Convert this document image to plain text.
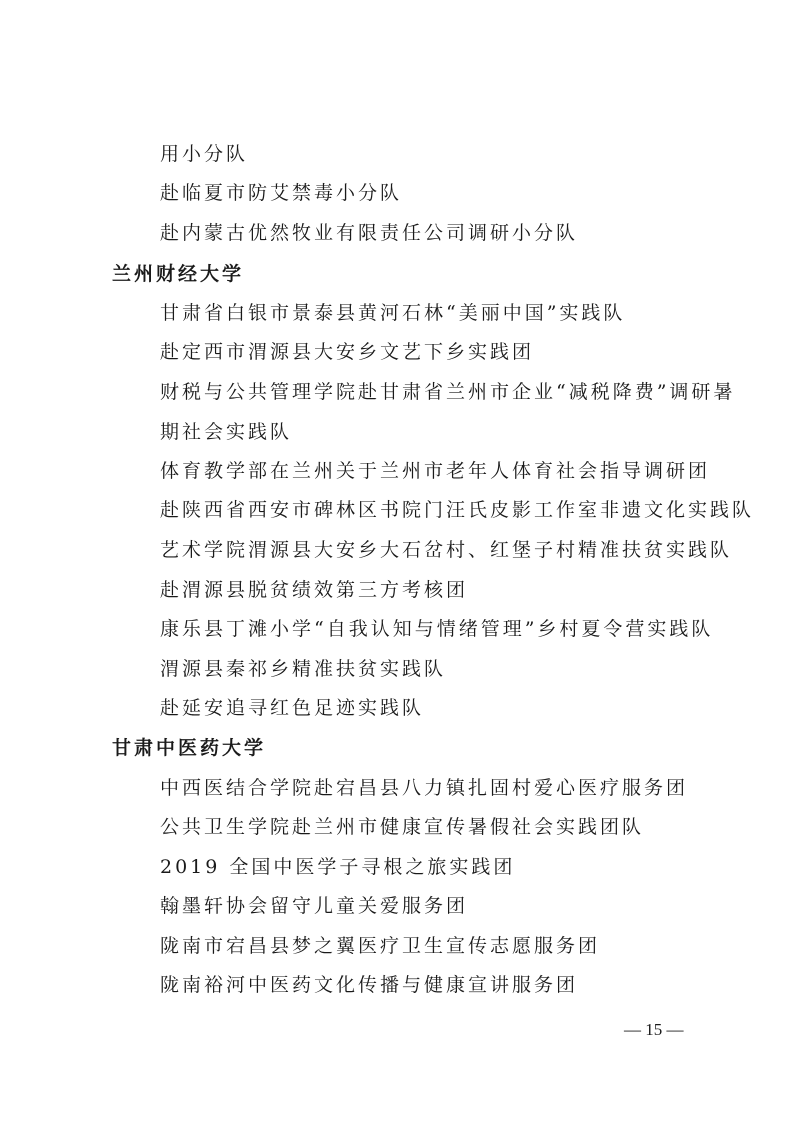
用小分队
赴临夏市防艾禁毒小分队
赴内蒙古优然牧业有限责任公司调研小分队
兰州财经大学
甘肃省白银市景泰县黄河石林“美丽中国”实践队
赴定西市渭源县大安乡文艺下乡实践团
财税与公共管理学院赴甘肃省兰州市企业“减税降费”调研暑
期社会实践队
体育教学部在兰州关于兰州市老年人体育社会指导调研团
赴陕西省西安市碑林区书院门汪氏皮影工作室非遗文化实践队
艺术学院渭源县大安乡大石岔村、红堡子村精准扶贫实践队
赴渭源县脱贫绩效第三方考核团
康乐县丁滩小学“自我认知与情绪管理”乡村夏令营实践队
渭源县秦祁乡精准扶贫实践队
赴延安追寻红色足迹实践队
甘肃中医药大学
中西医结合学院赴宕昌县八力镇扎固村爱心医疗服务团
公共卫生学院赴兰州市健康宣传暑假社会实践团队
2019 全国中医学子寻根之旅实践团
翰墨轩协会留守儿童关爱服务团
陇南市宕昌县梦之翼医疗卫生宣传志愿服务团
陇南裕河中医药文化传播与健康宣讲服务团
— 15 —
